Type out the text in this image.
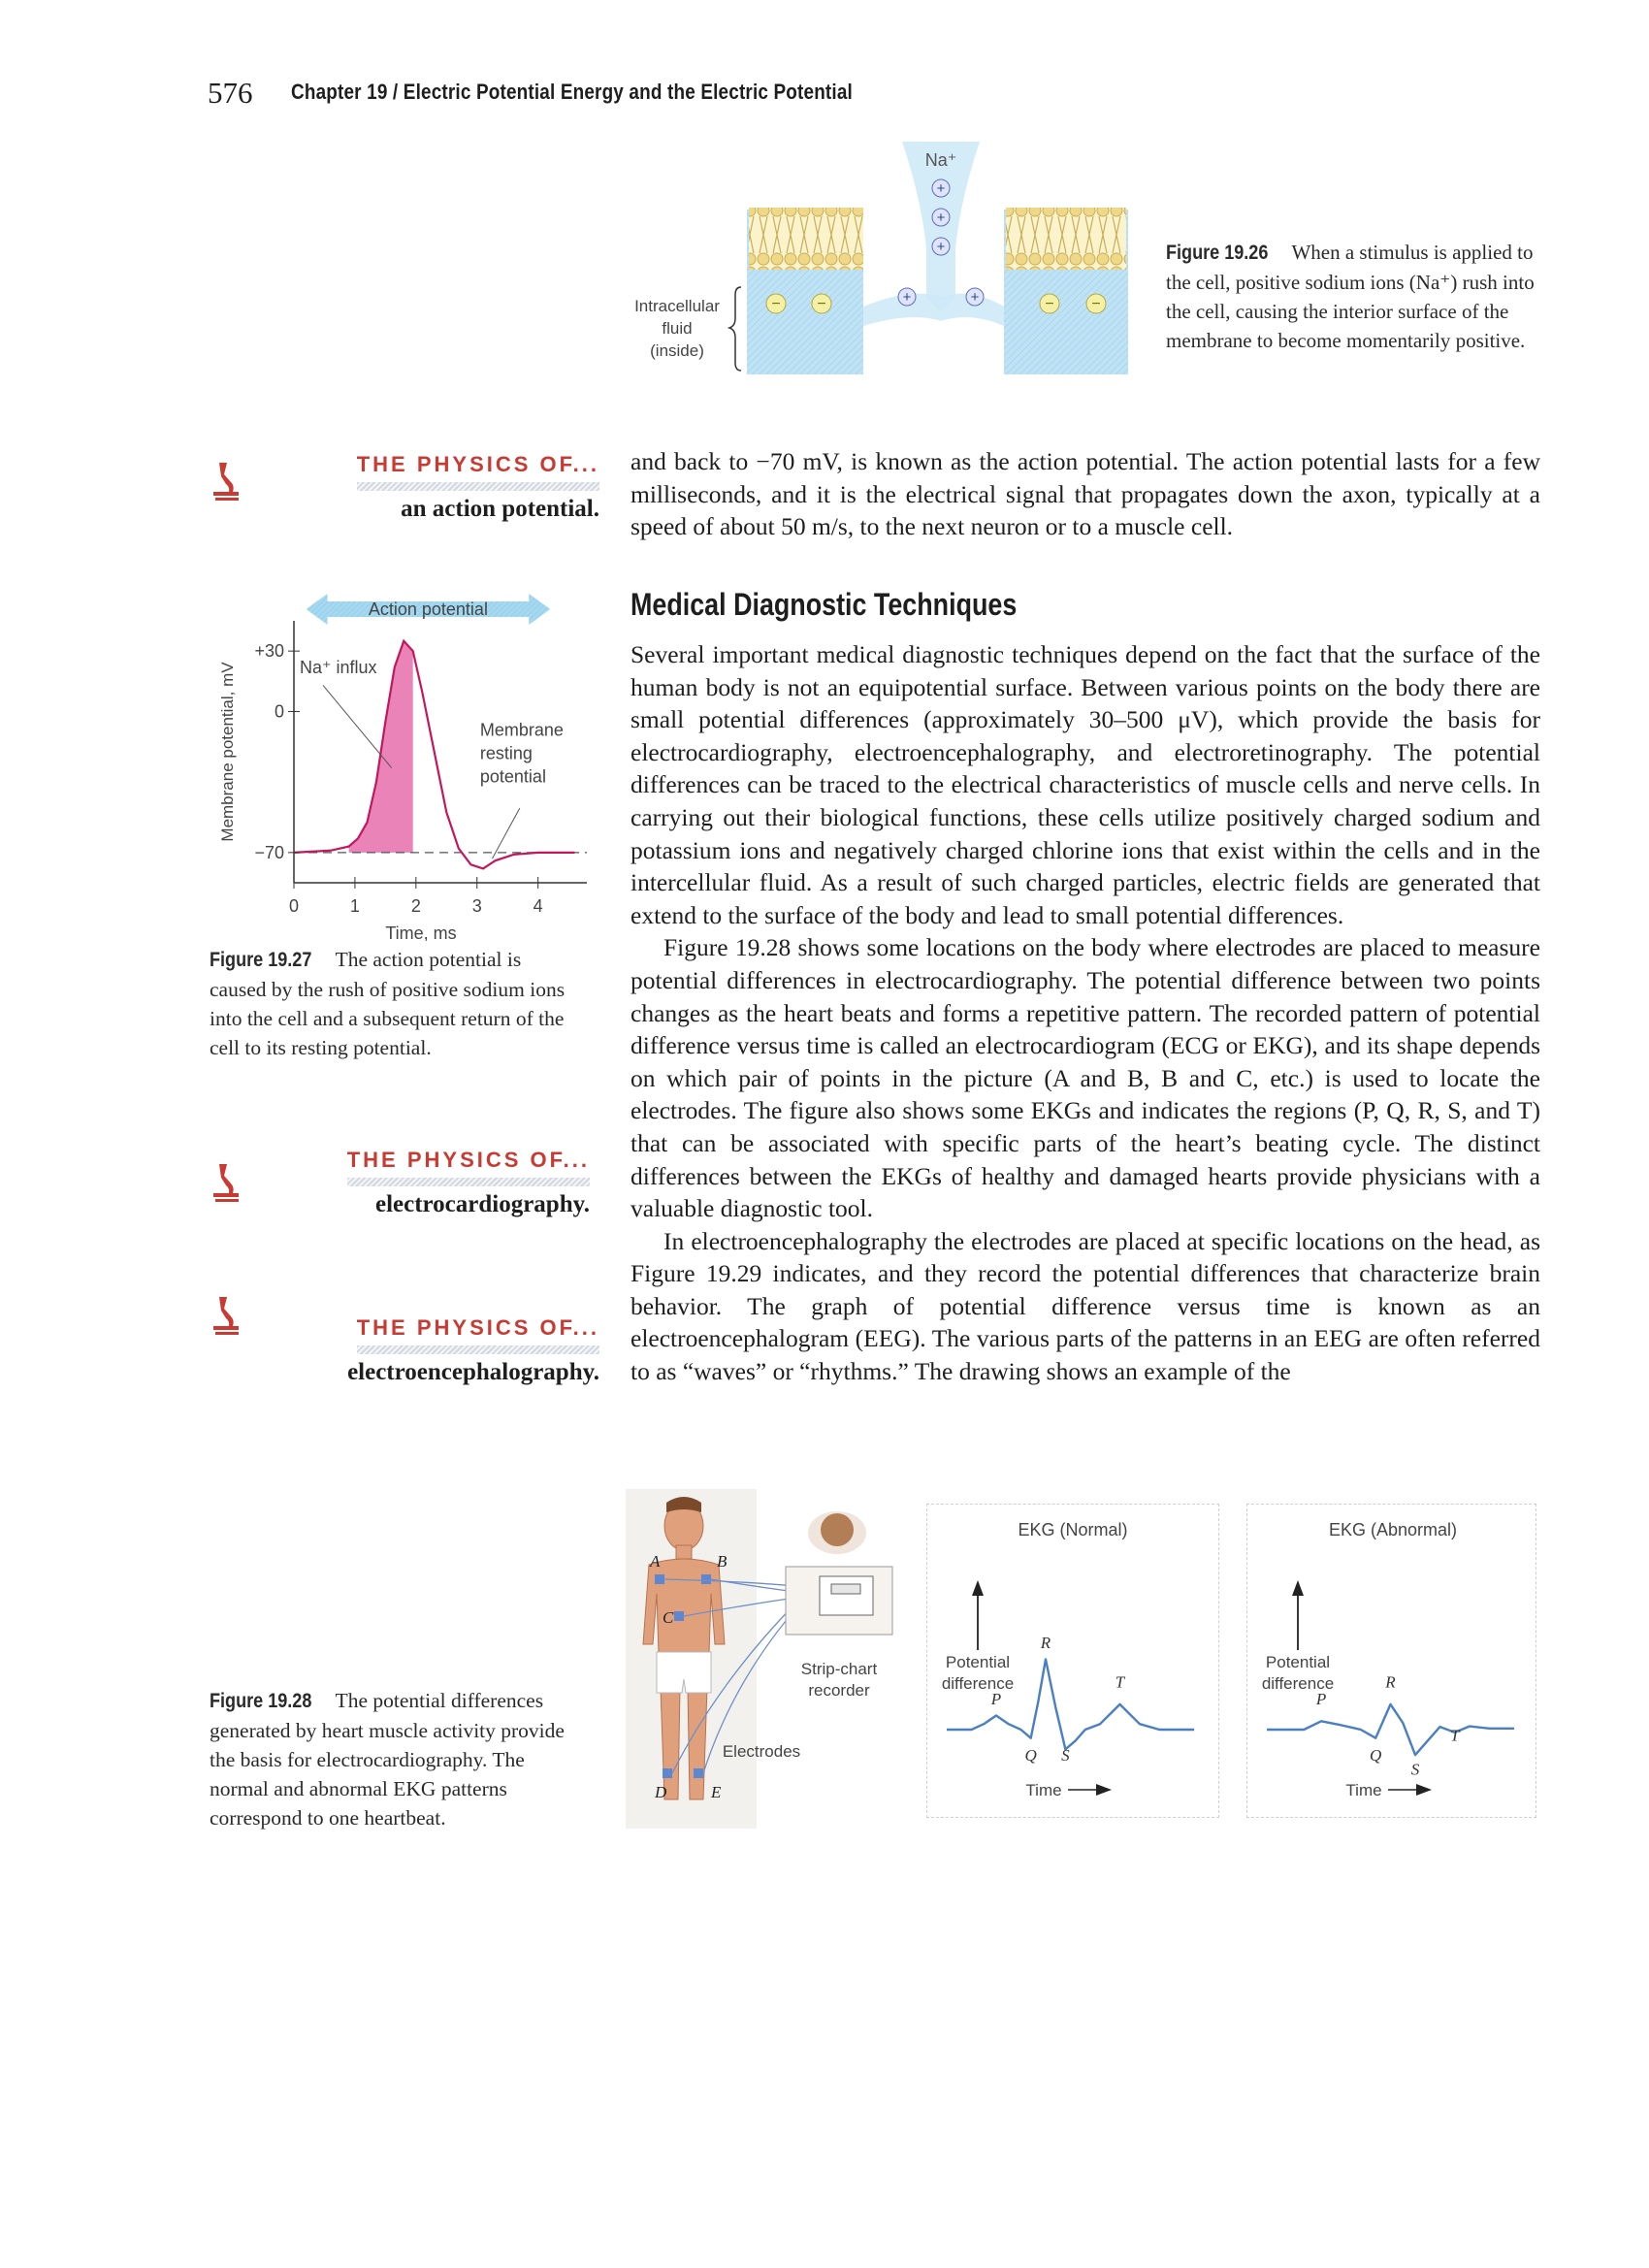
576 Chapter 19 / Electric Potential Energy and the Electric Potential
Na⁺
+
+
+
+	+
− −	− −
Intracellular
fluid
(inside)
Figure 19.26 When a stimulus is applied to the cell, positive sodium ions (Na⁺) rush into the cell, causing the interior surface of the membrane to become momentarily positive.
THE PHYSICS OF...
an action potential.

and back to −70 mV, is known as the action potential. The action potential lasts for a few milliseconds, and it is the electrical signal that propagates down the axon, typically at a speed of about 50 m/s, to the next neuron or to a muscle cell.

Medical Diagnostic Techniques

Several important medical diagnostic techniques depend on the fact that the surface of the human body is not an equipotential surface. Between various points on the body there are small potential differences (approximately 30–500 μV), which provide the basis for electrocardiography, electroencephalography, and electroretinography. The potential differences can be traced to the electrical characteristics of muscle cells and nerve cells. In carrying out their biological functions, these cells utilize positively charged sodium and potassium ions and negatively charged chlorine ions that exist within the cells and in the intercellular fluid. As a result of such charged particles, electric fields are generated that extend to the surface of the body and lead to small potential differences.

Figure 19.28 shows some locations on the body where electrodes are placed to measure potential differences in electrocardiography. The potential difference between two points changes as the heart beats and forms a repetitive pattern. The recorded pattern of potential difference versus time is called an electrocardiogram (ECG or EKG), and its shape depends on which pair of points in the picture (A and B, B and C, etc.) is used to locate the electrodes. The figure also shows some EKGs and indicates the regions (P, Q, R, S, and T) that can be associated with specific parts of the heart’s beating cycle. The distinct differences between the EKGs of healthy and damaged hearts provide physicians with a valuable diagnostic tool.

In electroencephalography the electrodes are placed at specific locations on the head, as Figure 19.29 indicates, and they record the potential differences that characterize brain behavior. The graph of potential difference versus time is known as an electroencephalogram (EEG). The various parts of the patterns in an EEG are often referred to as “waves” or “rhythms.” The drawing shows an example of the

0	1	2	3	4
+30
0
−70
Time, ms
Membrane potential, mV
Action potential
Na⁺ influx
Membrane
resting
potential
Figure 19.27 The action potential is caused by the rush of positive sodium ions into the cell and a subsequent return of the cell to its resting potential.
THE PHYSICS OF...
electrocardiography.
THE PHYSICS OF...
electroencephalography.
A	B
C
D	E
Strip-chart
recorder
Electrodes
EKG (Normal)
Potential
difference
Time
P
Q
R
S
T
EKG (Abnormal)
Potential
difference
Time
P
Q
R
S
T
Figure 19.28 The potential differences generated by heart muscle activity provide the basis for electrocardiography. The normal and abnormal EKG patterns correspond to one heartbeat.
